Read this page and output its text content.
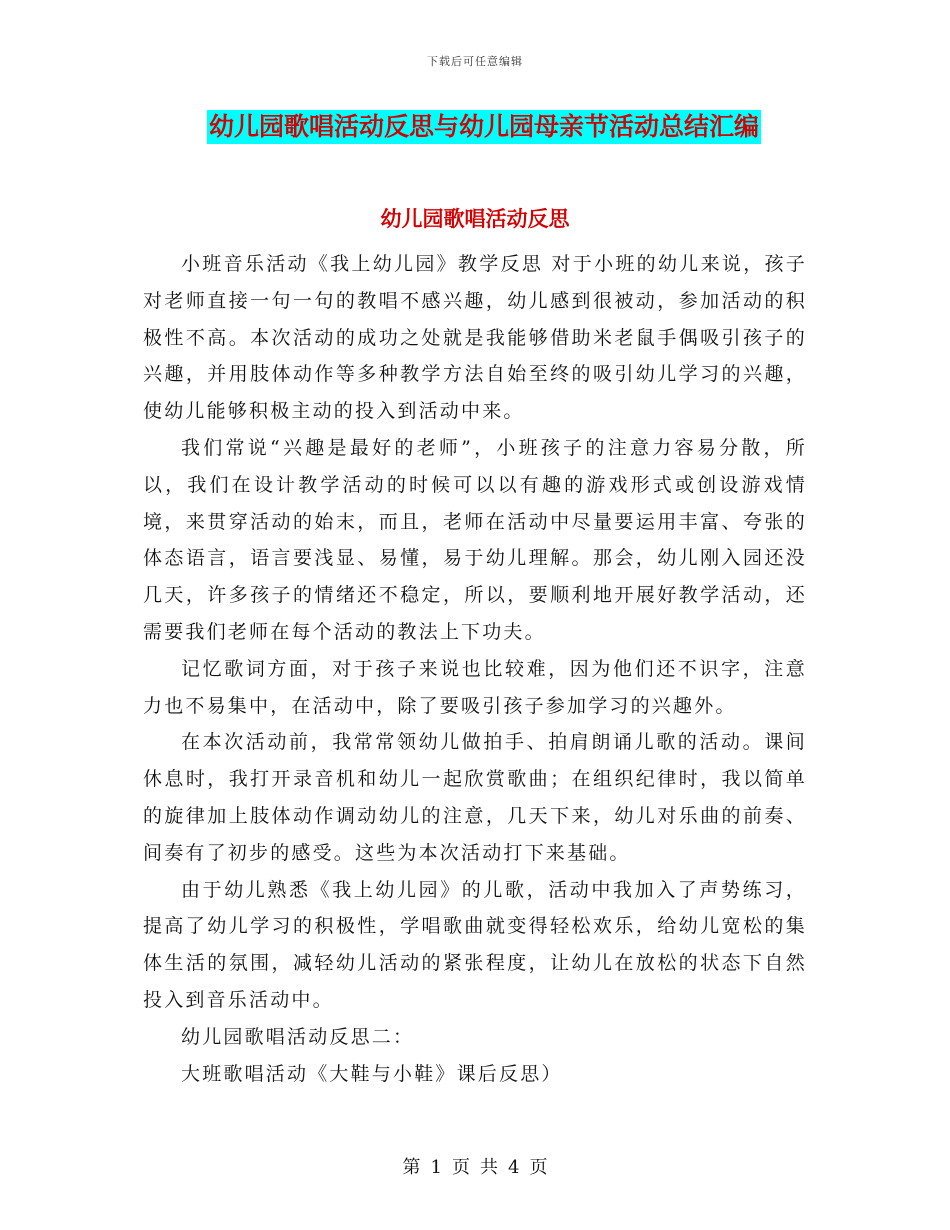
下载后可任意编辑
幼儿园歌唱活动反思与幼儿园母亲节活动总结汇编
幼儿园歌唱活动反思

小班音乐活动《我上幼儿园》教学反思 对于小班的幼儿来说，孩子对老师直接一句一句的教唱不感兴趣，幼儿感到很被动，参加活动的积极性不高。本次活动的成功之处就是我能够借助米老鼠手偶吸引孩子的兴趣，并用肢体动作等多种教学方法自始至终的吸引幼儿学习的兴趣，使幼儿能够积极主动的投入到活动中来。

我们常说“兴趣是最好的老师”，小班孩子的注意力容易分散，所以，我们在设计教学活动的时候可以以有趣的游戏形式或创设游戏情境，来贯穿活动的始末，而且，老师在活动中尽量要运用丰富、夸张的体态语言，语言要浅显、易懂，易于幼儿理解。那会，幼儿刚入园还没几天，许多孩子的情绪还不稳定，所以，要顺利地开展好教学活动，还需要我们老师在每个活动的教法上下功夫。

记忆歌词方面，对于孩子来说也比较难，因为他们还不识字，注意力也不易集中，在活动中，除了要吸引孩子参加学习的兴趣外。

在本次活动前，我常常领幼儿做拍手、拍肩朗诵儿歌的活动。课间休息时，我打开录音机和幼儿一起欣赏歌曲；在组织纪律时，我以简单的旋律加上肢体动作调动幼儿的注意，几天下来，幼儿对乐曲的前奏、间奏有了初步的感受。这些为本次活动打下来基础。

由于幼儿熟悉《我上幼儿园》的儿歌，活动中我加入了声势练习，提高了幼儿学习的积极性，学唱歌曲就变得轻松欢乐，给幼儿宽松的集体生活的氛围，减轻幼儿活动的紧张程度，让幼儿在放松的状态下自然投入到音乐活动中。

幼儿园歌唱活动反思二：

大班歌唱活动《大鞋与小鞋》课后反思）

第 1 页 共 4 页
